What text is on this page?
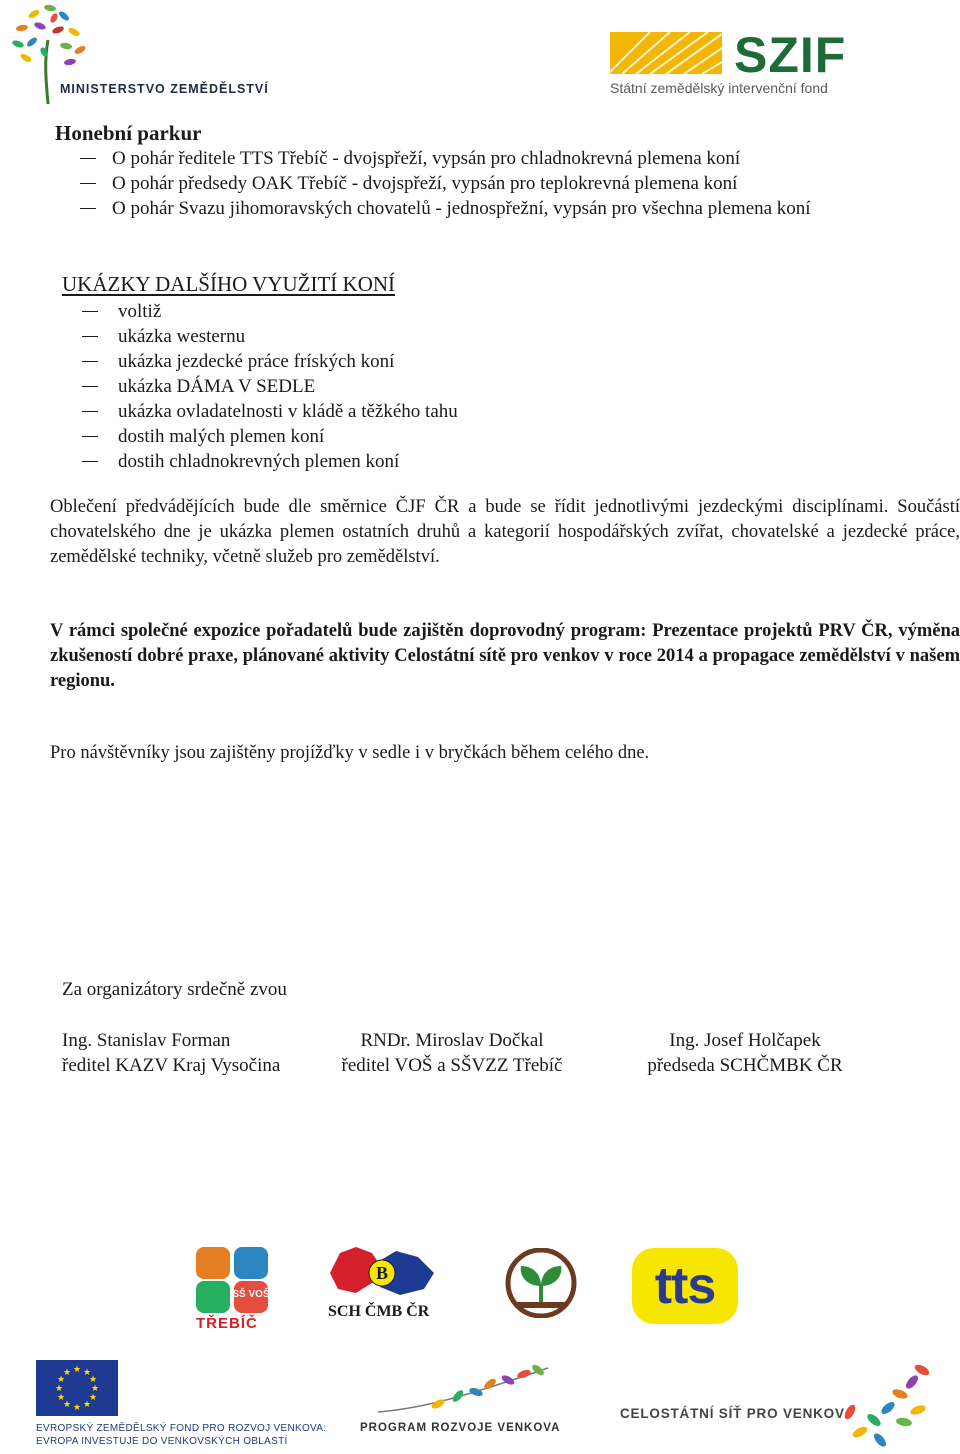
MINISTERSTVO ZEMĚDĚLSTVÍ
SZIF
Státní zemědělský intervenční fond
Honební parkur
O pohár ředitele TTS Třebíč - dvojspřeží, vypsán pro chladnokrevná plemena koní
O pohár předsedy OAK Třebíč - dvojspřeží, vypsán pro teplokrevná plemena koní
O pohár Svazu jihomoravských chovatelů - jednospřežní, vypsán pro všechna plemena koní
UKÁZKY DALŠÍHO VYUŽITÍ KONÍ
voltiž
ukázka westernu
ukázka jezdecké práce fríských koní
ukázka DÁMA V SEDLE
ukázka ovladatelnosti v kládě a těžkého tahu
dostih malých plemen koní
dostih chladnokrevných plemen koní

Oblečení předvádějících bude dle směrnice ČJF ČR a bude se řídit jednotlivými jezdeckými disciplínami. Součástí chovatelského dne je ukázka plemen ostatních druhů a kategorií hospodářských zvířat, chovatelské a jezdecké práce, zemědělské techniky, včetně služeb pro zemědělství.

V rámci společné expozice pořadatelů bude zajištěn doprovodný program: Prezentace projektů PRV ČR, výměna zkušeností dobré praxe, plánované aktivity Celostátní sítě pro venkov v roce 2014 a propagace zemědělství v našem regionu.

Pro návštěvníky jsou zajištěny projížďky v sedle i v bryčkách během celého dne.

Za organizátory srdečně zvou
Ing. Stanislav Forman
ředitel KAZV Kraj Vysočina
RNDr. Miroslav Dočkal
ředitel VOŠ a SŠVZZ Třebíč
Ing. Josef Holčapek
předseda SCHČMBK ČR
SŠ VOŠ
TŘEBÍČ
B
SCH ČMB ČR	tts
★ ★
★
★
★
★
★
★
★
★
★
★
EVROPSKÝ ZEMĚDĚLSKÝ FOND PRO ROZVOJ VENKOVA:
EVROPA INVESTUJE DO VENKOVSKÝCH OBLASTÍ
PROGRAM ROZVOJE VENKOVA
CELOSTÁTNÍ SÍŤ PRO VENKOV
